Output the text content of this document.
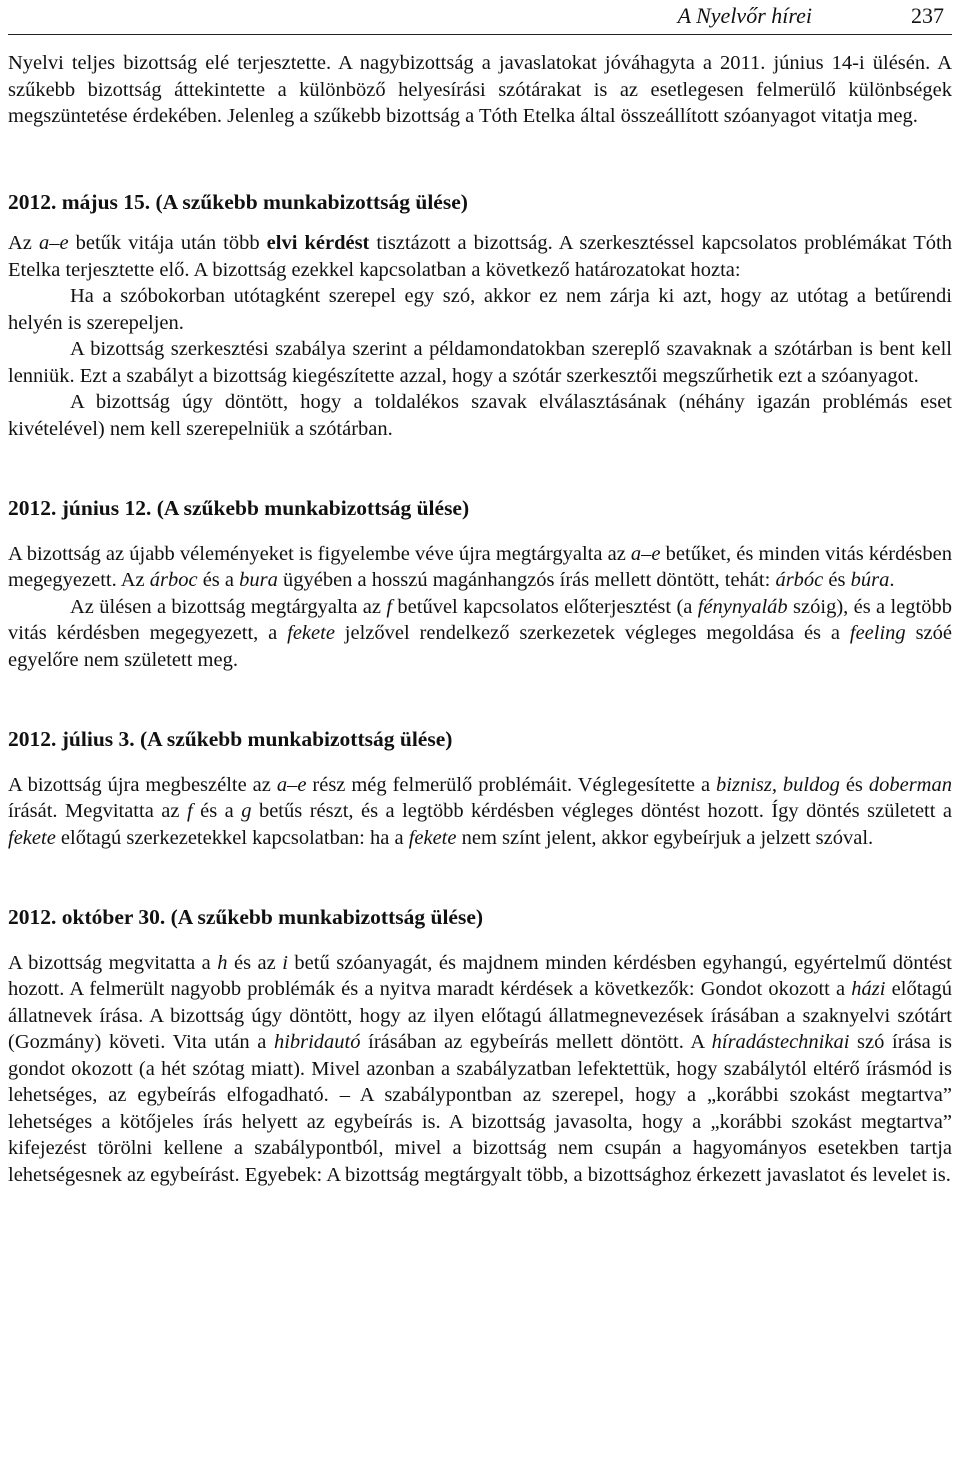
A Nyelvőr hírei	237

Nyelvi teljes bizottság elé terjesztette. A nagybizottság a javaslatokat jóváhagyta a 2011. június 14-i ülésén. A szűkebb bizottság áttekintette a különböző helyesírási szótárakat is az esetlegesen felmerülő különbségek megszüntetése érdekében. Jelenleg a szűkebb bizottság a Tóth Etelka által összeállított szóanyagot vitatja meg.

2012. május 15. (A szűkebb munkabizottság ülése)

Az a–e betűk vitája után több elvi kérdést tisztázott a bizottság. A szerkesztéssel kapcsolatos problémákat Tóth Etelka terjesztette elő. A bizottság ezekkel kapcsolatban a következő határozatokat hozta:

Ha a szóbokorban utótagként szerepel egy szó, akkor ez nem zárja ki azt, hogy az utótag a betűrendi helyén is szerepeljen.

A bizottság szerkesztési szabálya szerint a példamondatokban szereplő szavaknak a szótárban is bent kell lenniük. Ezt a szabályt a bizottság kiegészítette azzal, hogy a szótár szerkesztői megszűrhetik ezt a szóanyagot.

A bizottság úgy döntött, hogy a toldalékos szavak elválasztásának (néhány igazán problémás eset kivételével) nem kell szerepelniük a szótárban.

2012. június 12. (A szűkebb munkabizottság ülése)

A bizottság az újabb véleményeket is figyelembe véve újra megtárgyalta az a–e betűket, és minden vitás kérdésben megegyezett. Az árboc és a bura ügyében a hosszú magánhangzós írás mellett döntött, tehát: árbóc és búra.

Az ülésen a bizottság megtárgyalta az f betűvel kapcsolatos előterjesztést (a fénynyaláb szóig), és a legtöbb vitás kérdésben megegyezett, a fekete jelzővel rendelkező szerkezetek végleges megoldása és a feeling szóé egyelőre nem született meg.

2012. július 3. (A szűkebb munkabizottság ülése)

A bizottság újra megbeszélte az a–e rész még felmerülő problémáit. Véglegesítette a biznisz, buldog és doberman írását. Megvitatta az f és a g betűs részt, és a legtöbb kérdésben végleges döntést hozott. Így döntés született a fekete előtagú szerkezetekkel kapcsolatban: ha a fekete nem színt jelent, akkor egybeírjuk a jelzett szóval.

2012. október 30. (A szűkebb munkabizottság ülése)

A bizottság megvitatta a h és az i betű szóanyagát, és majdnem minden kérdésben egyhangú, egyértelmű döntést hozott. A felmerült nagyobb problémák és a nyitva maradt kérdések a következők: Gondot okozott a házi előtagú állatnevek írása. A bizottság úgy döntött, hogy az ilyen előtagú állatmegnevezések írásában a szaknyelvi szótárt (Gozmány) követi. Vita után a hibridautó írásában az egybeírás mellett döntött. A híradástechnikai szó írása is gondot okozott (a hét szótag miatt). Mivel azonban a szabályzatban lefektettük, hogy szabálytól eltérő írásmód is lehetséges, az egybeírás elfogadható. – A szabálypontban az szerepel, hogy a „korábbi szokást megtartva” lehetséges a kötőjeles írás helyett az egybeírás is. A bizottság javasolta, hogy a „korábbi szokást megtartva” kifejezést törölni kellene a szabálypontból, mivel a bizottság nem csupán a hagyományos esetekben tartja lehetségesnek az egybeírást. Egyebek: A bizottság megtárgyalt több, a bizottsághoz érkezett javaslatot és levelet is.
